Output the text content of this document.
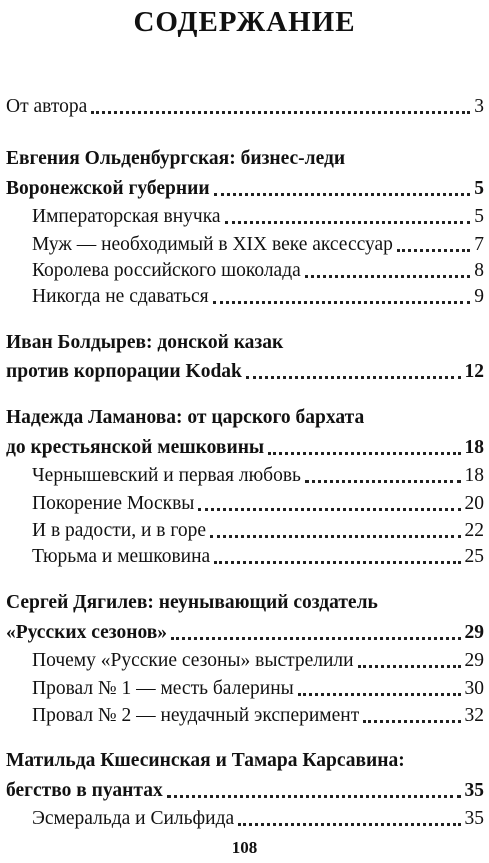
СОДЕРЖАНИЕ
От автора	3
Евгения Ольденбургская: бизнес-леди
Воронежской губернии	5
Императорская внучка	5
Муж — необходимый в XIX веке аксессуар	7
Королева российского шоколада	8
Никогда не сдаваться	9
Иван Болдырев: донской казак
против корпорации Kodak	12
Надежда Ламанова: от царского бархата
до крестьянской мешковины	18
Чернышевский и первая любовь	18
Покорение Москвы	20
И в радости, и в горе	22
Тюрьма и мешковина	25
Сергей Дягилев: неунывающий создатель
«Русских сезонов»	29
Почему «Русские сезоны» выстрелили	29
Провал № 1 — месть балерины	30
Провал № 2 — неудачный эксперимент	32
Матильда Кшесинская и Тамара Карсавина:
бегство в пуантах	35
Эсмеральда и Сильфида	35
108
